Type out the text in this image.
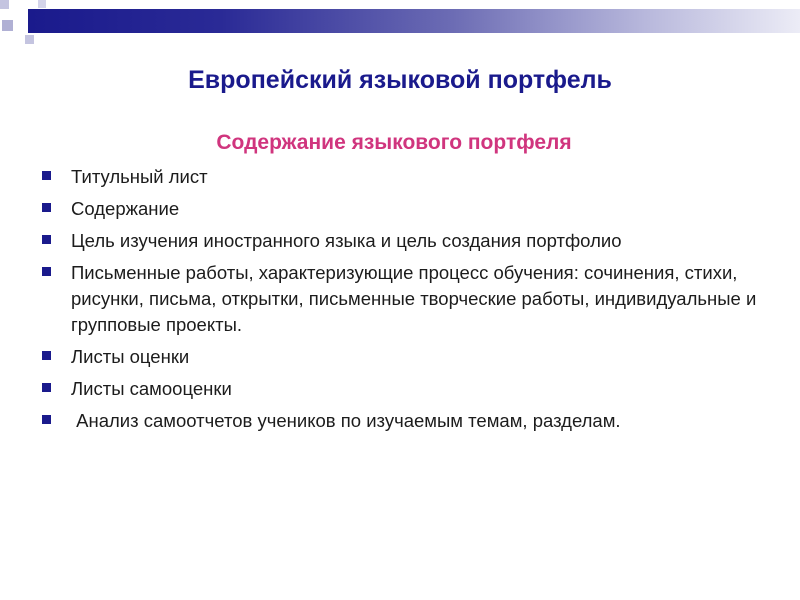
Европейский языковой портфель
Содержание языкового портфеля
Титульный лист
Содержание
Цель изучения иностранного языка и цель создания портфолио
Письменные работы, характеризующие процесс обучения: сочинения, стихи, рисунки, письма, открытки, письменные творческие работы, индивидуальные и групповые проекты.
Листы оценки
Листы самооценки
Анализ самоотчетов учеников по изучаемым темам, разделам.
